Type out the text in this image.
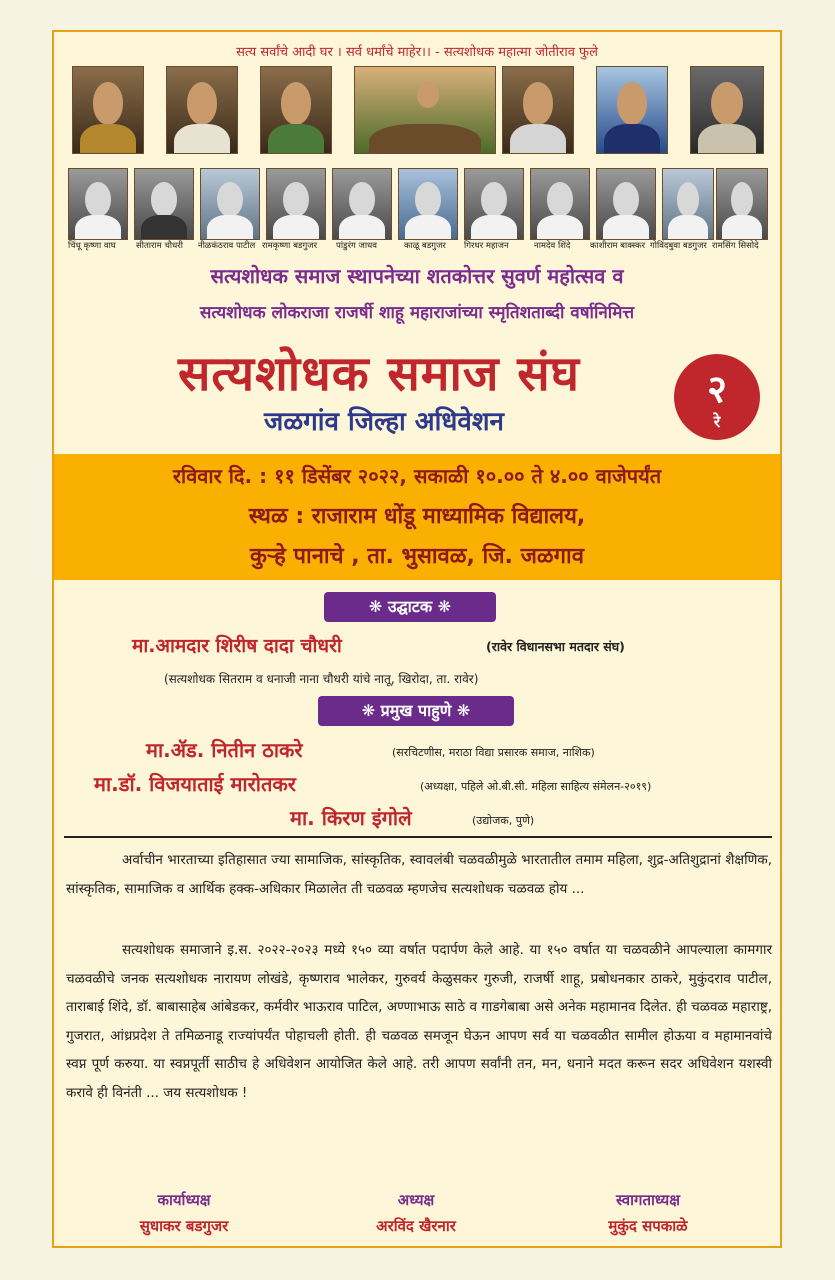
सत्य सर्वांचे आदी घर । सर्व धर्मांचे माहेर।। - सत्यशोधक महात्मा जोतीराव फुले
चिंधू कृष्णा वाघ सीताराम चौधरी नीळकंठराव पाटील रामकृष्णा बडगुजर पांडुरंग जाधव	काळू बडगुजर गिरधर महाजन	नामदेव शिंदे काशीराम बाक्स्कर गोविंदबुवा बडगुजर रामसिंग सिसोदे
सत्यशोधक समाज स्थापनेच्या शतकोत्तर सुवर्ण महोत्सव व
सत्यशोधक लोकराजा राजर्षी शाहू महाराजांच्या स्मृतिशताब्दी वर्षानिमित्त
सत्यशोधक समाज संघ
जळगांव जिल्हा अधिवेशन
२
रे
रविवार दि. : ११ डिसेंबर २०२२, सकाळी १०.०० ते ४.०० वाजेपर्यंत
स्थळ : राजाराम धोंडू माध्यामिक विद्यालय,
कुऱ्हे पानाचे , ता. भुसावळ, जि. जळगाव
❋ उद्घाटक ❋
मा.आमदार शिरीष दादा चौधरी	(रावेर विधानसभा मतदार संघ)
(सत्यशोधक सितराम व धनाजी नाना चौधरी यांचे नातू, खिरोदा, ता. रावेर)
❋ प्रमुख पाहुणे ❋
मा.ॲड. नितीन ठाकरे	(सरचिटणीस, मराठा विद्या प्रसारक समाज, नाशिक)
मा.डॉ. विजयाताई मारोतकर	(अध्यक्षा, पहिले ओ.बी.सी. महिला साहित्य संमेलन-२०१९)
मा. किरण इंगोले	(उद्योजक, पुणे)
अर्वाचीन भारताच्या इतिहासात ज्या सामाजिक, सांस्कृतिक, स्वावलंबी चळवळीमुळे भारतातील तमाम महिला, शुद्र-अतिशुद्रानां शैक्षणिक, सांस्कृतिक, सामाजिक व आर्थिक हक्क-अधिकार मिळालेत ती चळवळ म्हणजेच सत्यशोधक चळवळ होय ...
सत्यशोधक समाजाने इ.स. २०२२-२०२३ मध्ये १५० व्या वर्षात पदार्पण केले आहे. या १५० वर्षात या चळवळीने आपल्याला कामगार चळवळीचे जनक सत्यशोधक नारायण लोखंडे, कृष्णराव भालेकर, गुरुवर्य केळुसकर गुरुजी, राजर्षी शाहू, प्रबोधनकार ठाकरे, मुकुंदराव पाटील, ताराबाई शिंदे, डॉ. बाबासाहेब आंबेडकर, कर्मवीर भाऊराव पाटिल, अण्णाभाऊ साठे व गाडगेबाबा असे अनेक महामानव दिलेत. ही चळवळ महाराष्ट्र, गुजरात, आंध्रप्रदेश ते तमिळनाडू राज्यांपर्यंत पोहाचली होती. ही चळवळ समजून घेऊन आपण सर्व या चळवळीत सामील होऊया व महामानवांचे स्वप्न पूर्ण करुया. या स्वप्नपूर्ती साठीच हे अधिवेशन आयोजित केले आहे. तरी आपण सर्वांनी तन, मन, धनाने मदत करून सदर अधिवेशन यशस्वी करावे ही विनंती ... जय सत्यशोधक !
कार्याध्यक्ष
सुधाकर बडगुजर
अध्यक्ष
अरविंद खैरनार
स्वागताध्यक्ष
मुकुंद सपकाळे
